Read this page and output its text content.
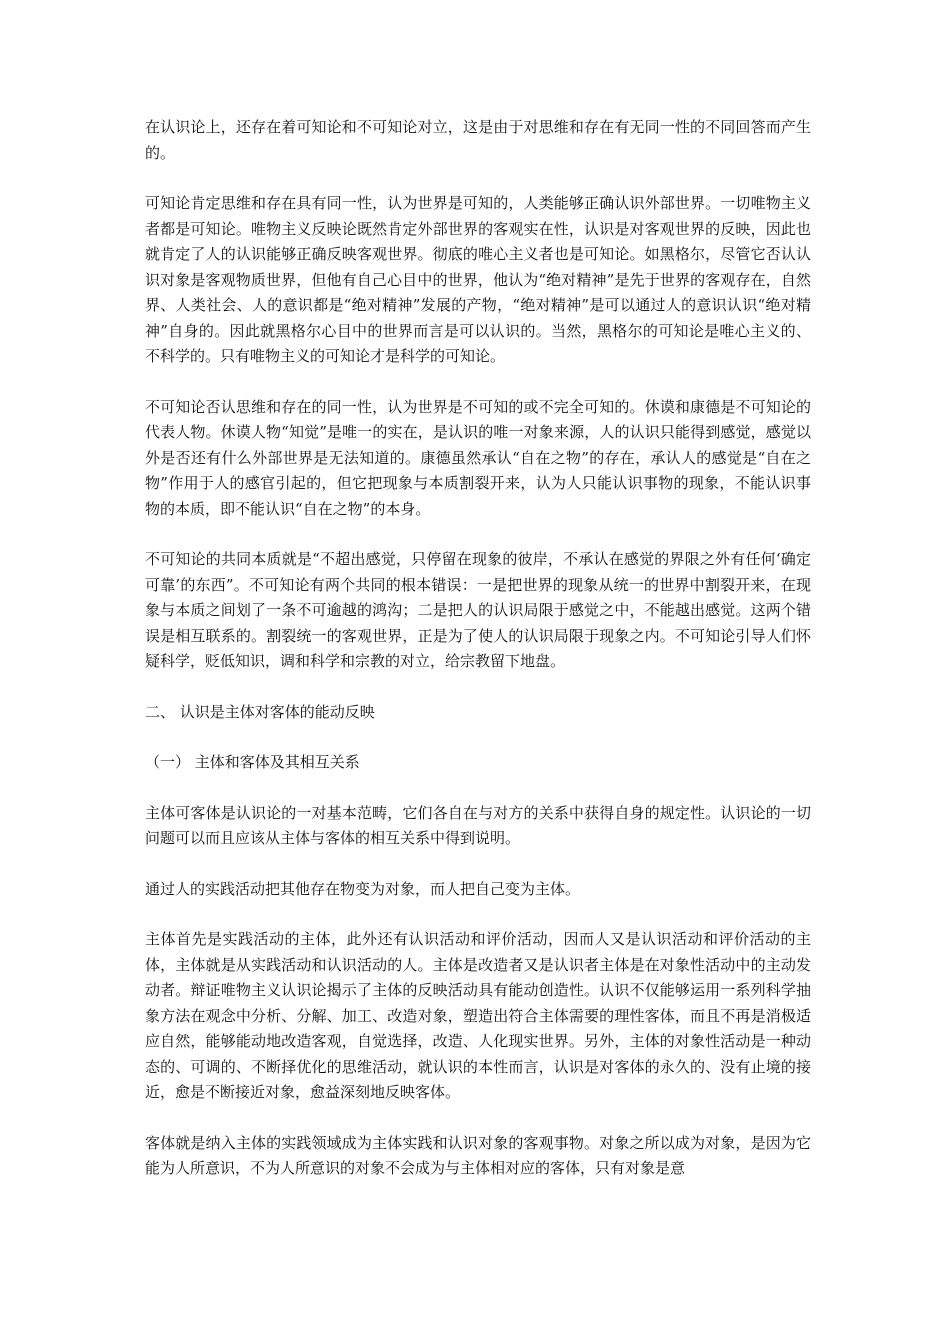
在认识论上，还存在着可知论和不可知论对立，这是由于对思维和存在有无同一性的不同回答而产生的。

可知论肯定思维和存在具有同一性，认为世界是可知的，人类能够正确认识外部世界。一切唯物主义者都是可知论。唯物主义反映论既然肯定外部世界的客观实在性，认识是对客观世界的反映，因此也就肯定了人的认识能够正确反映客观世界。彻底的唯心主义者也是可知论。如黑格尔，尽管它否认认识对象是客观物质世界，但他有自己心目中的世界，他认为“绝对精神”是先于世界的客观存在，自然界、人类社会、人的意识都是“绝对精神”发展的产物，“绝对精神”是可以通过人的意识认识“绝对精神”自身的。因此就黑格尔心目中的世界而言是可以认识的。当然，黑格尔的可知论是唯心主义的、不科学的。只有唯物主义的可知论才是科学的可知论。

不可知论否认思维和存在的同一性，认为世界是不可知的或不完全可知的。休谟和康德是不可知论的代表人物。休谟人物“知觉”是唯一的实在，是认识的唯一对象来源，人的认识只能得到感觉，感觉以外是否还有什么外部世界是无法知道的。康德虽然承认“自在之物”的存在，承认人的感觉是“自在之物”作用于人的感官引起的，但它把现象与本质割裂开来，认为人只能认识事物的现象，不能认识事物的本质，即不能认识“自在之物”的本身。

不可知论的共同本质就是“不超出感觉，只停留在现象的彼岸，不承认在感觉的界限之外有任何‘确定可靠’的东西”。不可知论有两个共同的根本错误：一是把世界的现象从统一的世界中割裂开来，在现象与本质之间划了一条不可逾越的鸿沟；二是把人的认识局限于感觉之中，不能越出感觉。这两个错误是相互联系的。割裂统一的客观世界，正是为了使人的认识局限于现象之内。不可知论引导人们怀疑科学，贬低知识，调和科学和宗教的对立，给宗教留下地盘。

二、 认识是主体对客体的能动反映

（一） 主体和客体及其相互关系

主体可客体是认识论的一对基本范畴，它们各自在与对方的关系中获得自身的规定性。认识论的一切问题可以而且应该从主体与客体的相互关系中得到说明。

通过人的实践活动把其他存在物变为对象，而人把自己变为主体。

主体首先是实践活动的主体，此外还有认识活动和评价活动，因而人又是认识活动和评价活动的主体，主体就是从实践活动和认识活动的人。主体是改造者又是认识者主体是在对象性活动中的主动发动者。辩证唯物主义认识论揭示了主体的反映活动具有能动创造性。认识不仅能够运用一系列科学抽象方法在观念中分析、分解、加工、改造对象，塑造出符合主体需要的理性客体，而且不再是消极适应自然，能够能动地改造客观，自觉选择，改造、人化现实世界。另外，主体的对象性活动是一种动态的、可调的、不断择优化的思维活动，就认识的本性而言，认识是对客体的永久的、没有止境的接近，愈是不断接近对象，愈益深刻地反映客体。

客体就是纳入主体的实践领域成为主体实践和认识对象的客观事物。对象之所以成为对象，是因为它能为人所意识，不为人所意识的对象不会成为与主体相对应的客体，只有对象是意
